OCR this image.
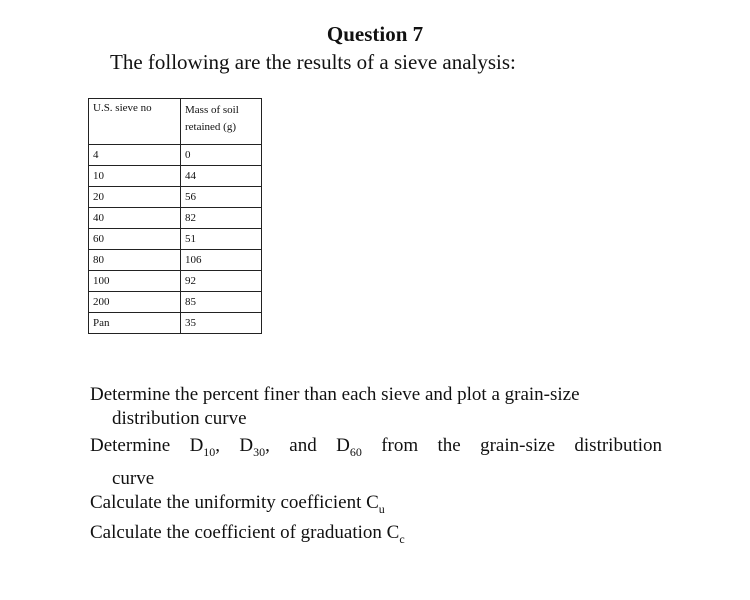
Question 7
The following are the results of a sieve analysis:
U.S. sieve no	Mass of soil
retained (g)
4	0
10	44
20	56
40	82
60	51
80	106
100	92
200	85
Pan	35

Determine the percent finer than each sieve and plot a grain-size
distribution curve

Determine $D_{10}$, $D_{30}$, and $D_{60}$ from the grain-size distribution

curve

Calculate the uniformity coefficient $C_u$

Calculate the coefficient of graduation $C_c$
